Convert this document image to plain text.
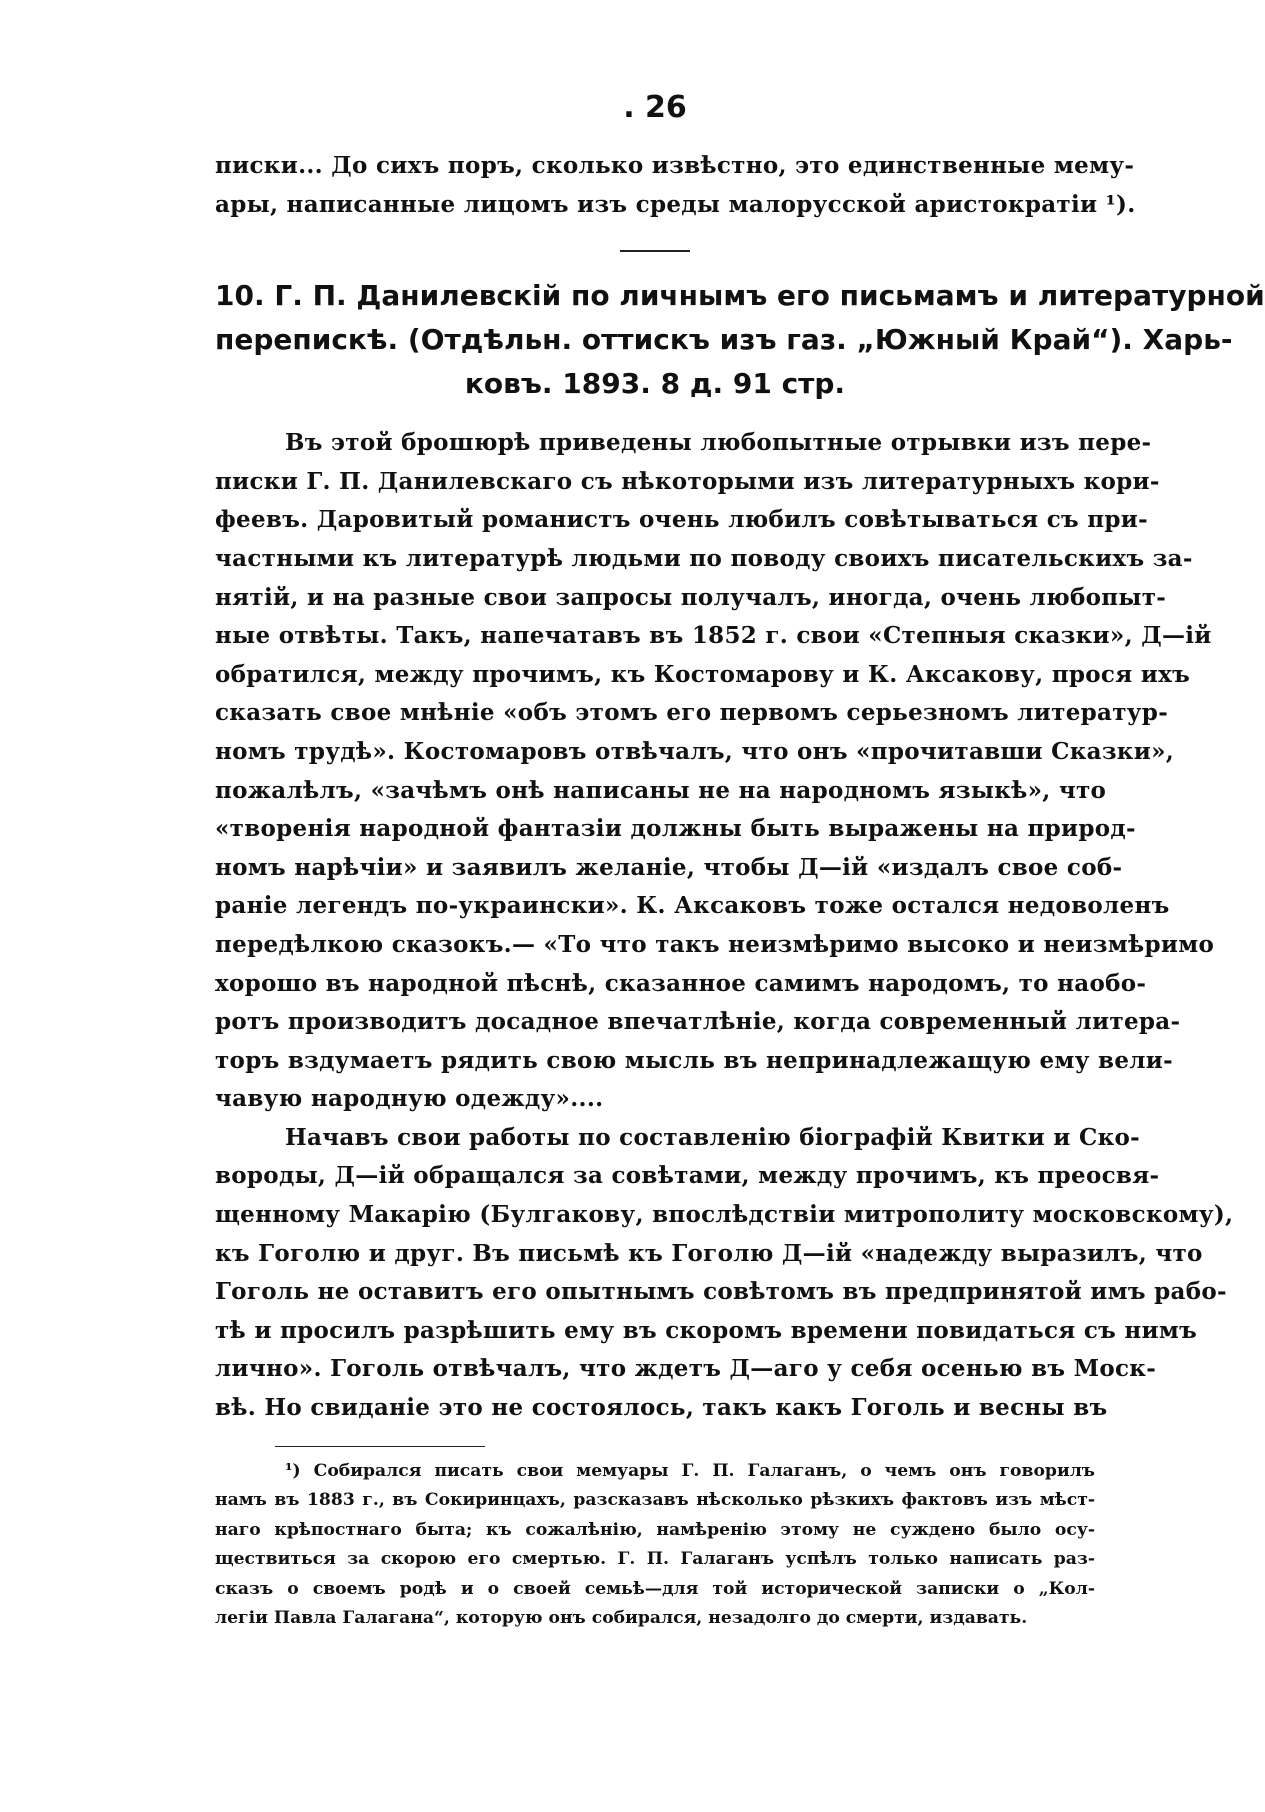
. 26
писки... До сихъ поръ, сколько извѣстно, это единственные мему-
ары, написанные лицомъ изъ среды малорусской аристократіи ¹).
10. Г. П. Данилевскій по личнымъ его письмамъ и литературной
перепискѣ. (Отдѣльн. оттискъ изъ газ. „Южный Край“). Харь-
ковъ. 1893. 8 д. 91 стр.
Въ этой брошюрѣ приведены любопытные отрывки изъ пере-
писки Г. П. Данилевскаго съ нѣкоторыми изъ литературныхъ кори-
феевъ. Даровитый романистъ очень любилъ совѣтываться съ при-
частными къ литературѣ людьми по поводу своихъ писательскихъ за-
нятій, и на разные свои запросы получалъ, иногда, очень любопыт-
ные отвѣты. Такъ, напечатавъ въ 1852 г. свои «Степныя сказки», Д—ій
обратился, между прочимъ, къ Костомарову и К. Аксакову, прося ихъ
сказать свое мнѣніе «объ этомъ его первомъ серьезномъ литератур-
номъ трудѣ». Костомаровъ отвѣчалъ, что онъ «прочитавши Сказки»,
пожалѣлъ, «зачѣмъ онѣ написаны не на народномъ языкѣ», что
«творенія народной фантазіи должны быть выражены на природ-
номъ нарѣчіи» и заявилъ желаніе, чтобы Д—ій «издалъ свое соб-
раніе легендъ по-украински». К. Аксаковъ тоже остался недоволенъ
передѣлкою сказокъ.— «То что такъ неизмѣримо высоко и неизмѣримо
хорошо въ народной пѣснѣ, сказанное самимъ народомъ, то наобо-
ротъ производитъ досадное впечатлѣніе, когда современный литера-
торъ вздумаетъ рядить свою мысль въ непринадлежащую ему вели-
чавую народную одежду»....
Начавъ свои работы по составленію біографій Квитки и Ско-
вороды, Д—ій обращался за совѣтами, между прочимъ, къ преосвя-
щенному Макарію (Булгакову, впослѣдствіи митрополиту московскому),
къ Гоголю и друг. Въ письмѣ къ Гоголю Д—ій «надежду выразилъ, что
Гоголь не оставитъ его опытнымъ совѣтомъ въ предпринятой имъ рабо-
тѣ и просилъ разрѣшить ему въ скоромъ времени повидаться съ нимъ
лично». Гоголь отвѣчалъ, что ждетъ Д—аго у себя осенью въ Моск-
вѣ. Но свиданіе это не состоялось, такъ какъ Гоголь и весны въ
¹) Собирался писать свои мемуары Г. П. Галаганъ, о чемъ онъ говорилъ
намъ въ 1883 г., въ Сокиринцахъ, разсказавъ нѣсколько рѣзкихъ фактовъ изъ мѣст-
наго крѣпостнаго быта; къ сожалѣнію, намѣренію этому не суждено было осу-
ществиться за скорою его смертью. Г. П. Галаганъ успѣлъ только написать раз-
сказъ о своемъ родѣ и о своей семьѣ—для той исторической записки о „Кол-
легіи Павла Галагана“, которую онъ собирался, незадолго до смерти, издавать.
